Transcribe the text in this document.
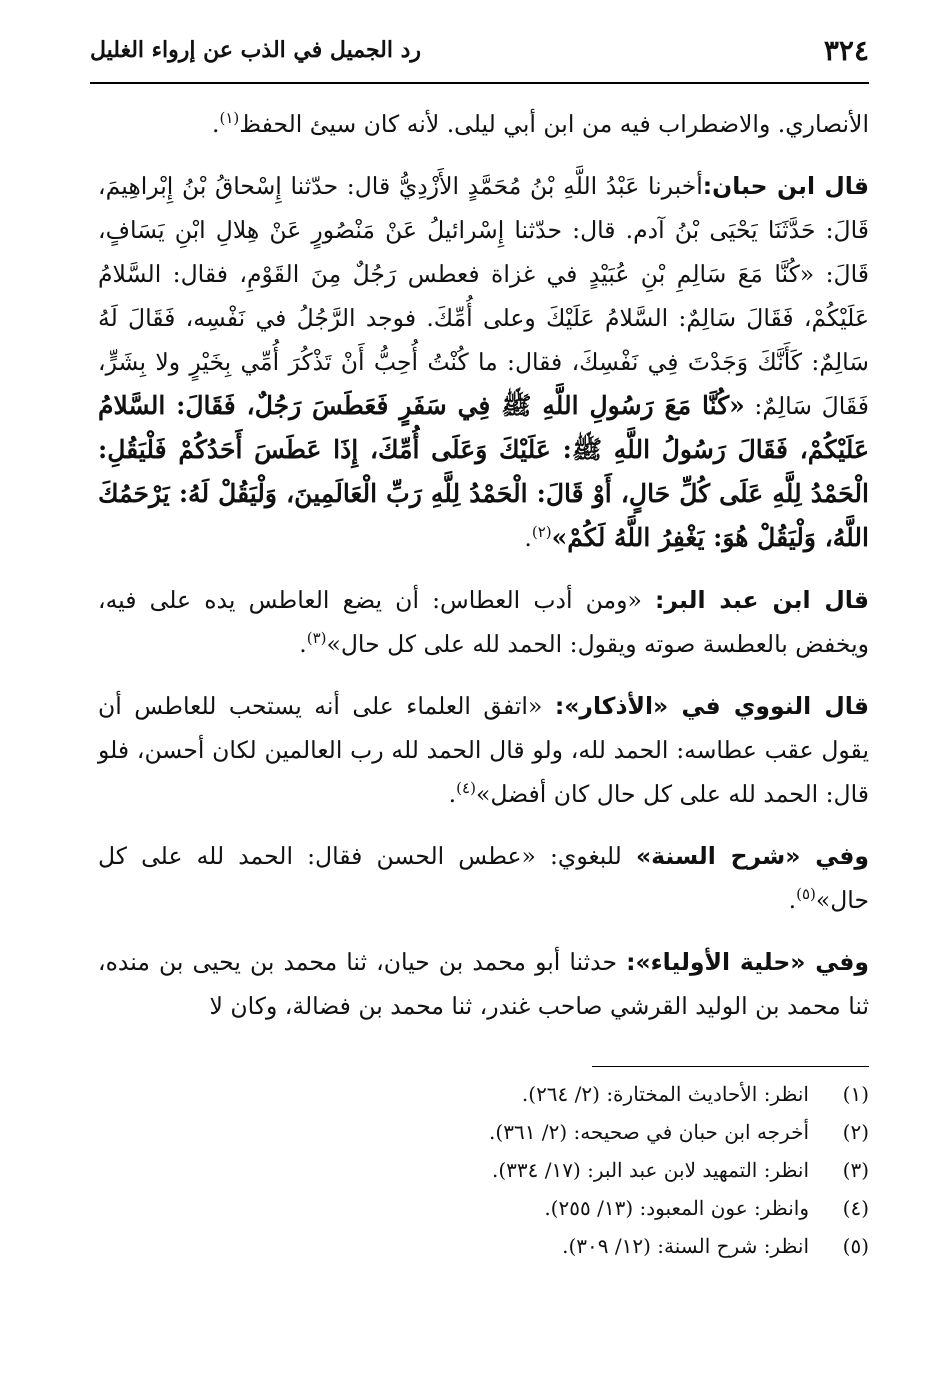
٣٢٤
رد الجميل في الذب عن إرواء الغليل

الأنصاري. والاضطراب فيه من ابن أبي ليلى. لأنه كان سيئ الحفظ$^{(١)}$.

قال ابن حبان:أخبرنا عَبْدُ اللَّهِ بْنُ مُحَمَّدٍ الأَزْدِيُّ قال: حدّثنا إِسْحاقُ بْنُ إِبْراهِيمَ، قَالَ: حَدَّثَنَا يَحْيَى بْنُ آدم. قال: حدّثنا إِسْرائيلُ عَنْ مَنْصُورٍ عَنْ هِلالِ ابْنِ يَسَافٍ، قَالَ: «كُنَّا مَعَ سَالِمِ بْنِ عُبَيْدٍ في غزاة فعطس رَجُلٌ مِنَ القَوْمِ، فقال: السَّلامُ عَلَيْكُمْ، فَقَالَ سَالِمٌ: السَّلامُ عَلَيْكَ وعلى أُمِّكَ. فوجد الرَّجُلُ في نَفْسِه، فَقَالَ لَهُ سَالِمٌ: كَأَنَّكَ وَجَدْتَ فِي نَفْسِكَ، فقال: ما كُنْتُ أُحِبُّ أَنْ تَذْكُرَ أُمِّي بِخَيْرٍ ولا بِشَرٍّ، فَقَالَ سَالِمٌ: «كُنَّا مَعَ رَسُولِ اللَّهِ ﷺ فِي سَفَرٍ فَعَطَسَ رَجُلٌ، فَقَالَ: السَّلامُ عَلَيْكُمْ، فَقَالَ رَسُولُ اللَّهِ ﷺ: عَلَيْكَ وَعَلَى أُمِّكَ، إِذَا عَطَسَ أَحَدُكُمْ فَلْيَقُلِ: الْحَمْدُ لِلَّهِ عَلَى كُلِّ حَالٍ، أَوْ قَالَ: الْحَمْدُ لِلَّهِ رَبِّ الْعَالَمِينَ، وَلْيَقُلْ لَهُ: يَرْحَمُكَ اللَّهُ، وَلْيَقُلْ هُوَ: يَغْفِرُ اللَّهُ لَكُمْ»$^{(٢)}$.

قال ابن عبد البر: «ومن أدب العطاس: أن يضع العاطس يده على فيه، ويخفض بالعطسة صوته ويقول: الحمد لله على كل حال»$^{(٣)}$.

قال النووي في «الأذكار»: «اتفق العلماء على أنه يستحب للعاطس أن يقول عقب عطاسه: الحمد لله، ولو قال الحمد لله رب العالمين لكان أحسن، فلو قال: الحمد لله على كل حال كان أفضل»$^{(٤)}$.

وفي «شرح السنة» للبغوي: «عطس الحسن فقال: الحمد لله على كل حال»$^{(٥)}$.

وفي «حلية الأولياء»: حدثنا أبو محمد بن حيان، ثنا محمد بن يحيى بن منده، ثنا محمد بن الوليد القرشي صاحب غندر، ثنا محمد بن فضالة، وكان لا

(١)
انظر: الأحاديث المختارة: (٢/ ٢٦٤).
(٢)
أخرجه ابن حبان في صحيحه: (٢/ ٣٦١).
(٣)
انظر: التمهيد لابن عبد البر: (١٧/ ٣٣٤).
(٤)
وانظر: عون المعبود: (١٣/ ٢٥٥).
(٥)
انظر: شرح السنة: (١٢/ ٣٠٩).
